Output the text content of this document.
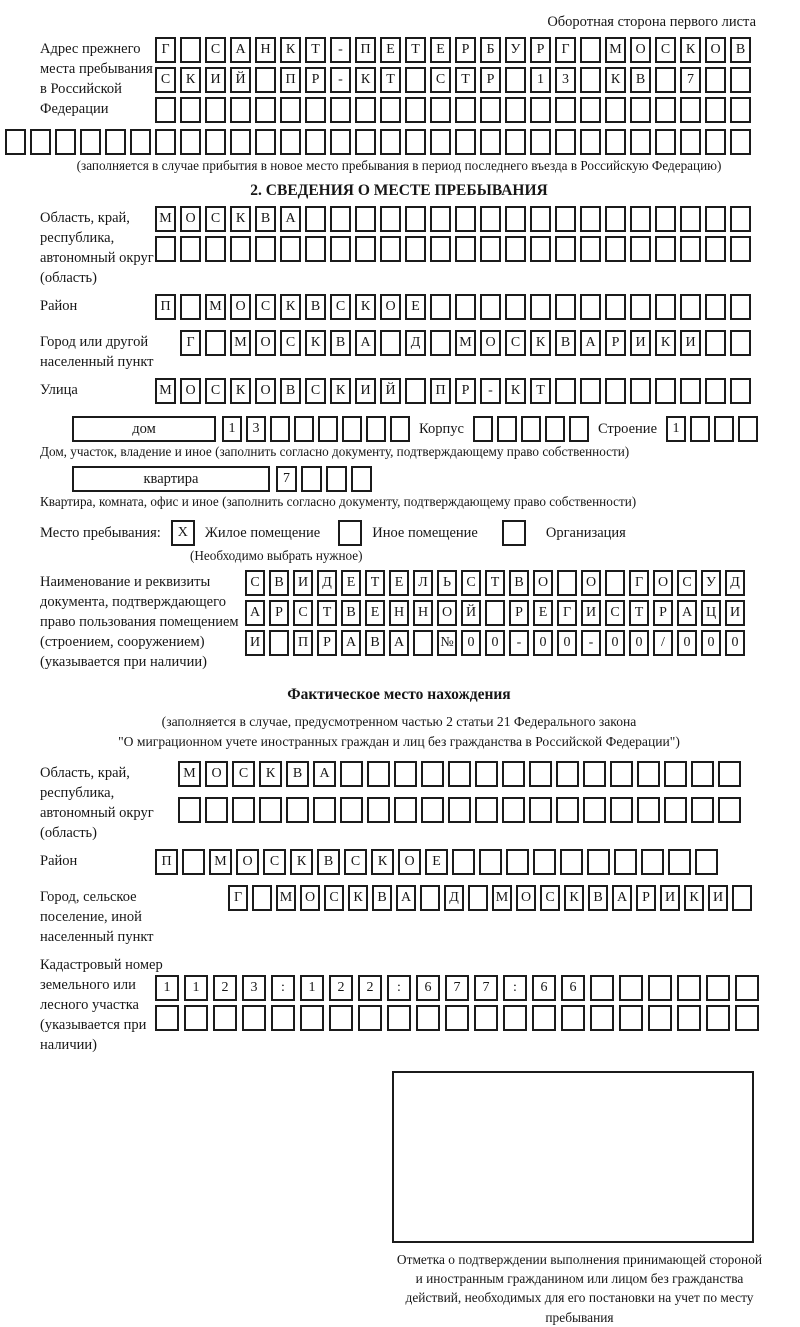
Оборотная сторона первого листа
Адрес прежнего места пребывания в Российской Федерации
Г	С	А	Н	К	Т	-	П	Е	Т	Е	Р	Б	У	Р	Г	М О	С	К	О	В
С	К	И	Й	П	Р	-	К	Т	С	Т	Р	1	3	К	В	7
(заполняется в случае прибытия в новое место пребывания в период последнего въезда в Российскую Федерацию)
2. СВЕДЕНИЯ О МЕСТЕ ПРЕБЫВАНИЯ
Область, край, республика, автономный округ (область)
М О	С	К	В	А
Район	П	М О	С	К	В	С	К	О	Е
Город или другой населенный пункт
Г	М О	С	К	В	А	Д	М О	С	К	В	А	Р	И	К	И
Улица	М О	С	К	О	В	С	К	И	Й	П	Р	-	К	Т
дом	1	3	Корпус	Строение	1
Дом, участок, владение и иное (заполнить согласно документу, подтверждающему право собственности)
квартира	7
Квартира, комната, офис и иное (заполнить согласно документу, подтверждающему право собственности)
Место пребывания:	X	Жилое помещение	Иное помещение	Организация
(Необходимо выбрать нужное)
Наименование и реквизиты документа, подтверждающего право пользования помещением (строением, сооружением) (указывается при наличии)
С	В	И	Д	Е	Т	Е	Л	Ь	С	Т	В	О	О	Г	О	С	У	Д
А	Р	С	Т	В	Е	Н Н О Й	Р	Е	Г	И	С	Т	Р	А Ц И
И	П	Р	А	В	А	№ 0	0	-	0	0	-	0	0	/	0	0	0
Фактическое место нахождения
(заполняется в случае, предусмотренном частью 2 статьи 21 Федерального закона
"О миграционном учете иностранных граждан и лиц без гражданства в Российской Федерации")
Область, край, республика, автономный округ (область)
М	О	С	К	В	А
Район	П	М	О	С	К	В	С	К	О	Е
Город, сельское поселение, иной населенный пункт
Г	М О	С	К	В	А	Д	М О	С	К	В	А	Р	И	К	И
Кадастровый номер земельного или лесного участка (указывается при наличии)
1	1	2	3	:	1	2	2	:	6	7	7	:	6	6
Отметка о подтверждении выполнения принимающей стороной и иностранным гражданином или лицом без гражданства действий, необходимых для его постановки на учет по месту пребывания
